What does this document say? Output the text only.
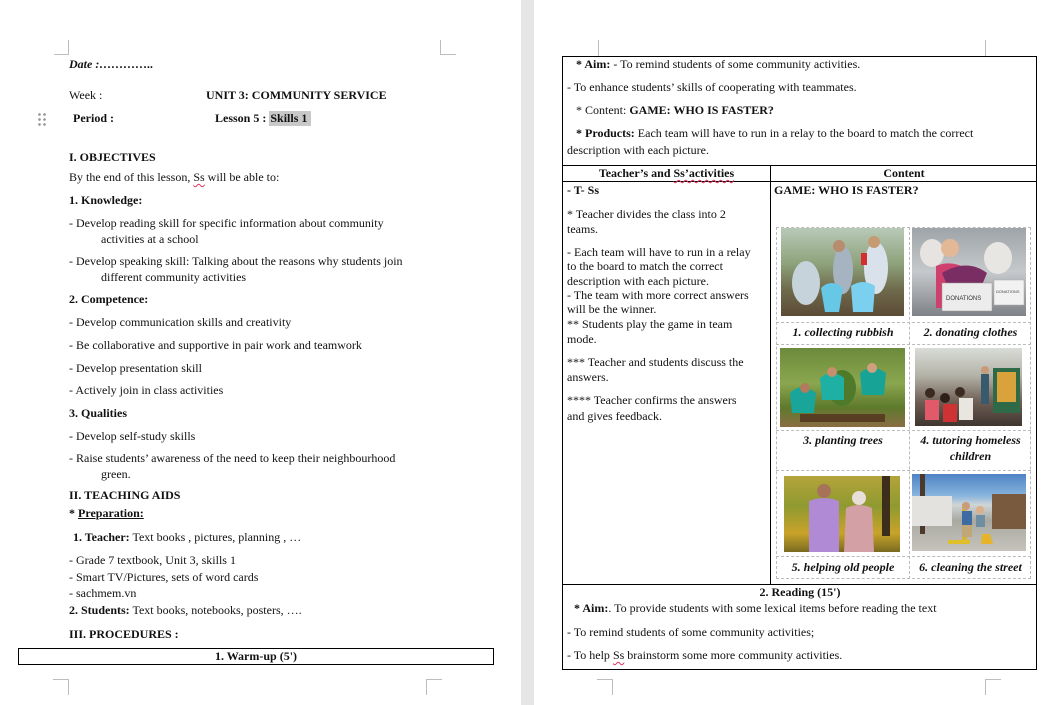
Date :…………..
Week :	UNIT 3: COMMUNITY SERVICE
Period :	Lesson 5 : Skills 1
I. OBJECTIVES
By the end of this lesson, Ss will be able to:
1. Knowledge:
- Develop reading skill for specific information about community
activities at a school
- Develop speaking skill: Talking about the reasons why students join
different community activities
2. Competence:
- Develop communication skills and creativity
- Be collaborative and supportive in pair work and teamwork
- Develop presentation skill
- Actively join in class activities
3. Qualities
- Develop self-study skills
- Raise students’ awareness of the need to keep their neighbourhood
green.
II. TEACHING AIDS
* Preparation:
1. Teacher: Text books , pictures, planning , …
- Grade 7 textbook, Unit 3, skills 1
- Smart TV/Pictures, sets of word cards
- sachmem.vn
2. Students: Text books, notebooks, posters, ….
III. PROCEDURES :
1. Warm-up (5')
* Aim: - To remind students of some community activities.
- To enhance students’ skills of cooperating with teammates.
* Content: GAME: WHO IS FASTER?
* Products: Each team will have to run in a relay to the board to match the correct
description with each picture.
Teacher’s and Ss’activities	Content
- T- Ss
* Teacher divides the class into 2
teams.
- Each team will have to run in a relay
to the board to match the correct
description with each picture.
- The team with more correct answers
will be the winner.
** Students play the game in team
mode.
*** Teacher and students discuss the
answers.
**** Teacher confirms the answers
and gives feedback.
GAME: WHO IS FASTER?
DONATIONS
DONATIONS
1. collecting rubbish	2. donating clothes
3. planting trees	4. tutoring homeless
children
5. helping old people	6. cleaning the street
2. Reading (15')
* Aim:. To provide students with some lexical items before reading the text
- To remind students of some community activities;
- To help Ss brainstorm some more community activities.
